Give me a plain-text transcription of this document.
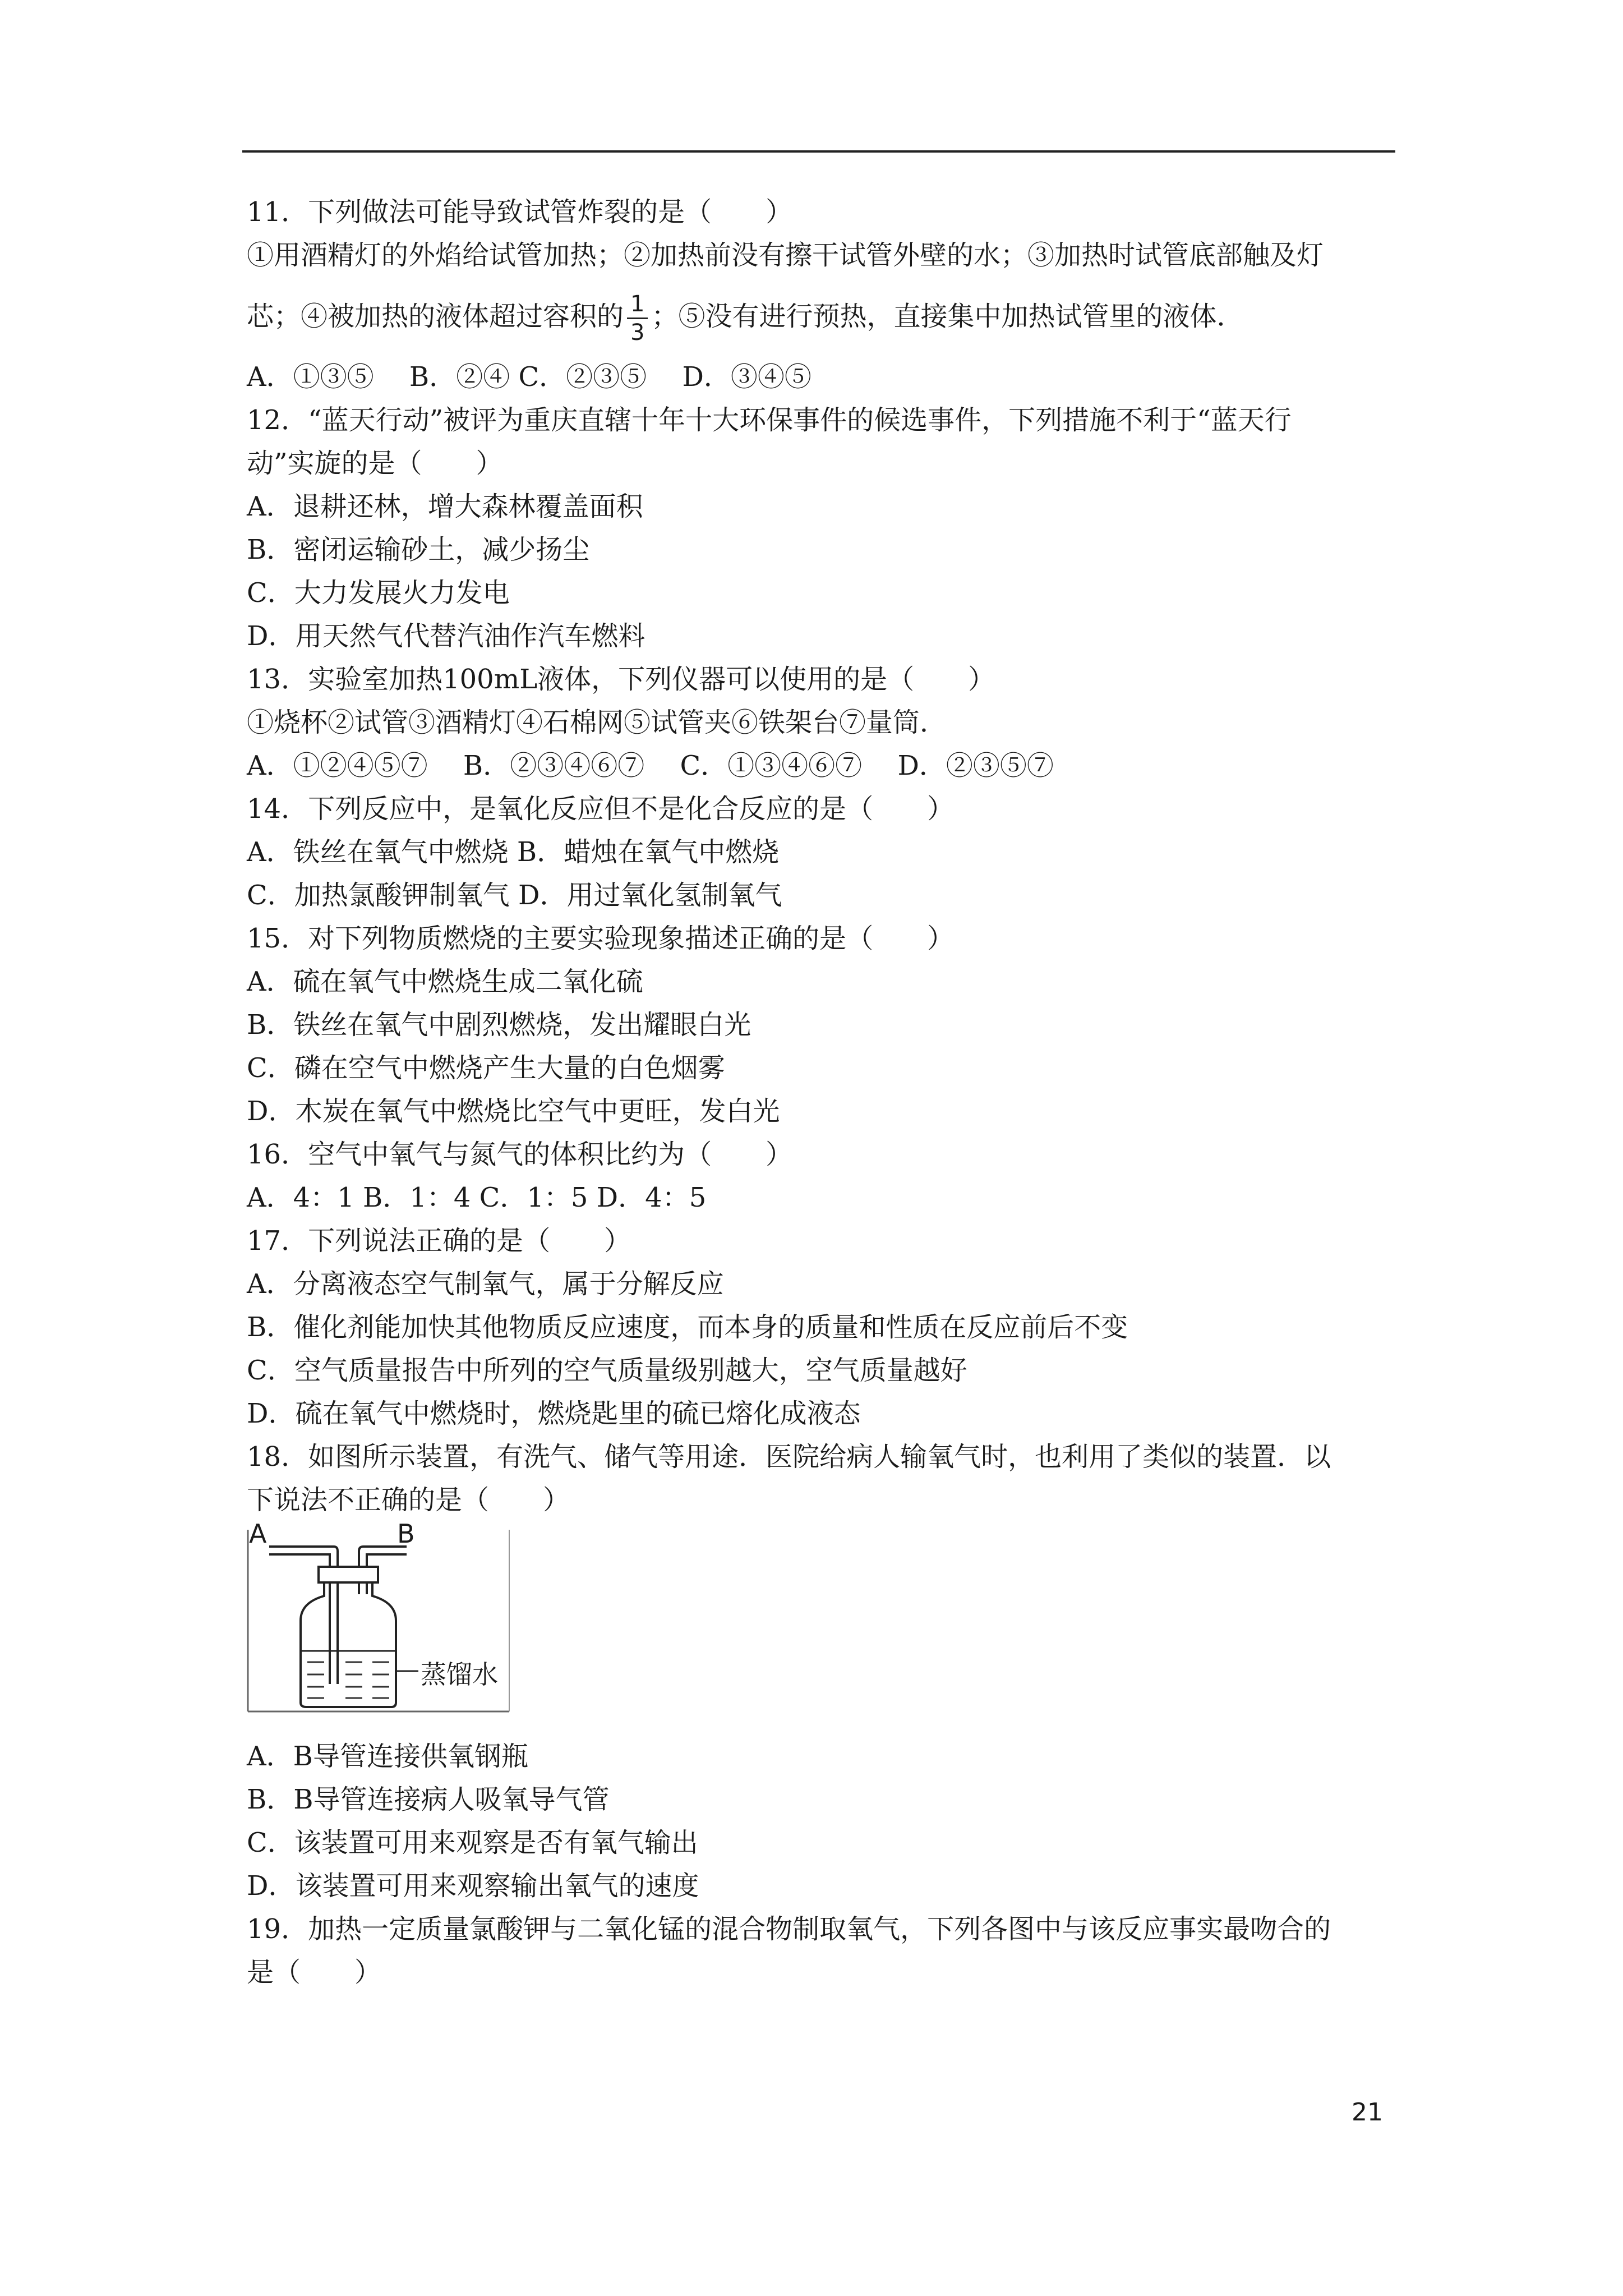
11．下列做法可能导致试管炸裂的是（　　）
①用酒精灯的外焰给试管加热；②加热前没有擦干试管外壁的水；③加热时试管底部触及灯
芯；④被加热的液体超过容积的 $\frac{1}{3}$ ；⑤没有进行预热，直接集中加热试管里的液体．
A．①③⑤　 B．②④ C．②③⑤　 D．③④⑤
12．“蓝天行动”被评为重庆直辖十年十大环保事件的候选事件，下列措施不利于“蓝天行
动”实旋的是（　　）
A．退耕还林，增大森林覆盖面积
B．密闭运输砂土，减少扬尘
C．大力发展火力发电
D．用天然气代替汽油作汽车燃料
13．实验室加热100mL液体，下列仪器可以使用的是（　　）
①烧杯②试管③酒精灯④石棉网⑤试管夹⑥铁架台⑦量筒．
A．①②④⑤⑦　 B．②③④⑥⑦　 C．①③④⑥⑦　 D．②③⑤⑦
14．下列反应中，是氧化反应但不是化合反应的是（　　）
A．铁丝在氧气中燃烧 B．蜡烛在氧气中燃烧
C．加热氯酸钾制氧气 D．用过氧化氢制氧气
15．对下列物质燃烧的主要实验现象描述正确的是（　　）
A．硫在氧气中燃烧生成二氧化硫
B．铁丝在氧气中剧烈燃烧，发出耀眼白光
C．磷在空气中燃烧产生大量的白色烟雾
D．木炭在氧气中燃烧比空气中更旺，发白光
16．空气中氧气与氮气的体积比约为（　　）
A．4：1 B．1：4 C．1：5 D．4：5
17．下列说法正确的是（　　）
A．分离液态空气制氧气，属于分解反应
B．催化剂能加快其他物质反应速度，而本身的质量和性质在反应前后不变
C．空气质量报告中所列的空气质量级别越大，空气质量越好
D．硫在氧气中燃烧时，燃烧匙里的硫已熔化成液态
18．如图所示装置，有洗气、储气等用途．医院给病人输氧气时，也利用了类似的装置．以
下说法不正确的是（　　）
A	B
蒸馏水
A．B导管连接供氧钢瓶
B．B导管连接病人吸氧导气管
C．该装置可用来观察是否有氧气输出
D．该装置可用来观察输出氧气的速度
19．加热一定质量氯酸钾与二氧化锰的混合物制取氧气，下列各图中与该反应事实最吻合的
是（　　）
21
